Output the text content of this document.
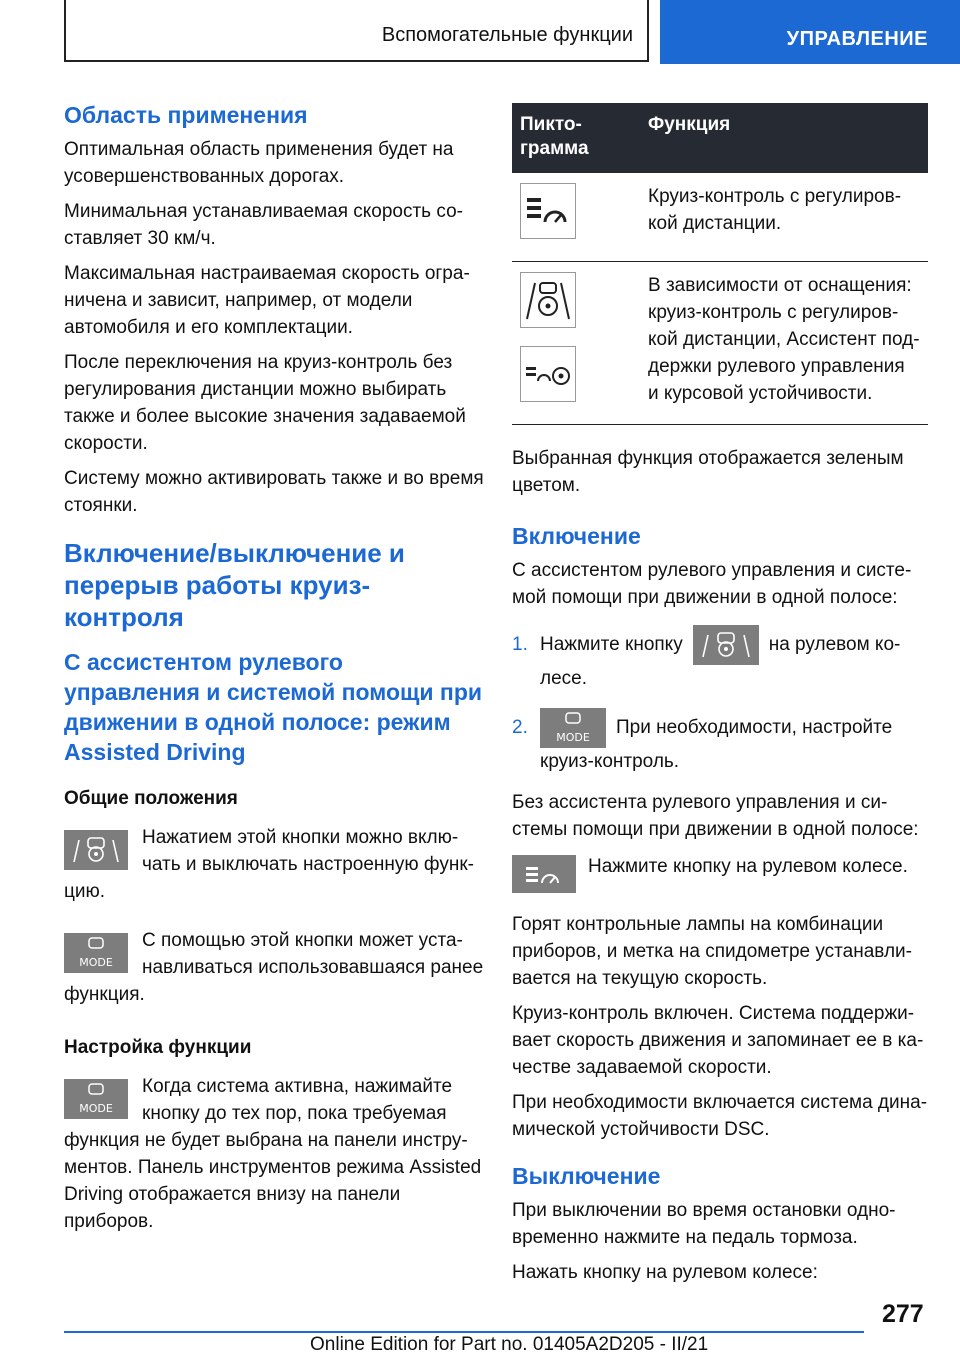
Вспомогательные функции	УПРАВЛЕНИЕ
Область применения

Оптимальная область применения будет на усовершенствованных дорогах.

Минимальная устанавливаемая скорость составляет 30 км/ч.

Максимальная настраиваемая скорость ограничена и зависит, например, от модели автомобиля и его комплектации.

После переключения на круиз-контроль без регулирования дистанции можно выбирать также и более высокие значения задаваемой скорости.

Систему можно активировать также и во время стоянки.

Включение/выключение и перерыв работы круиз-контроля
С ассистентом рулевого управления и системой помощи при движении в одной полосе: режим Assisted Driving
Общие положения
Нажатием этой кнопки можно включать и выключать настроенную функцию.
MODE
С помощью этой кнопки может устанавливаться использовавшаяся ранее функция.
Настройка функции
MODE
Когда система активна, нажимайте кнопку до тех пор, пока требуемая функция не будет выбрана на панели инструментов. Панель инструментов режима Assisted Driving отображается внизу на панели приборов.
Пиктограмма	Функция

	Круиз-контроль с регулировкой дистанции.

	В зависимости от оснащения: круиз-контроль с регулировкой дистанции, Ассистент поддержки рулевого управления и курсовой устойчивости.

Выбранная функция отображается зеленым цветом.

Включение

С ассистентом рулевого управления и системой помощи при движении в одной полосе:

1. Нажмите кнопку	на рулевом колесе.
2.	MODE При необходимости, настройте круиз-контроль.

Без ассистента рулевого управления и системы помощи при движении в одной полосе:

Нажмите кнопку на рулевом колесе.

Горят контрольные лампы на комбинации приборов, и метка на спидометре устанавливается на текущую скорость.

Круиз-контроль включен. Система поддерживает скорость движения и запоминает ее в качестве задаваемой скорости.

При необходимости включается система динамической устойчивости DSC.

Выключение

При выключении во время остановки одновременно нажмите на педаль тормоза.

Нажать кнопку на рулевом колесе:

277
Online Edition for Part no. 01405A2D205 - II/21
